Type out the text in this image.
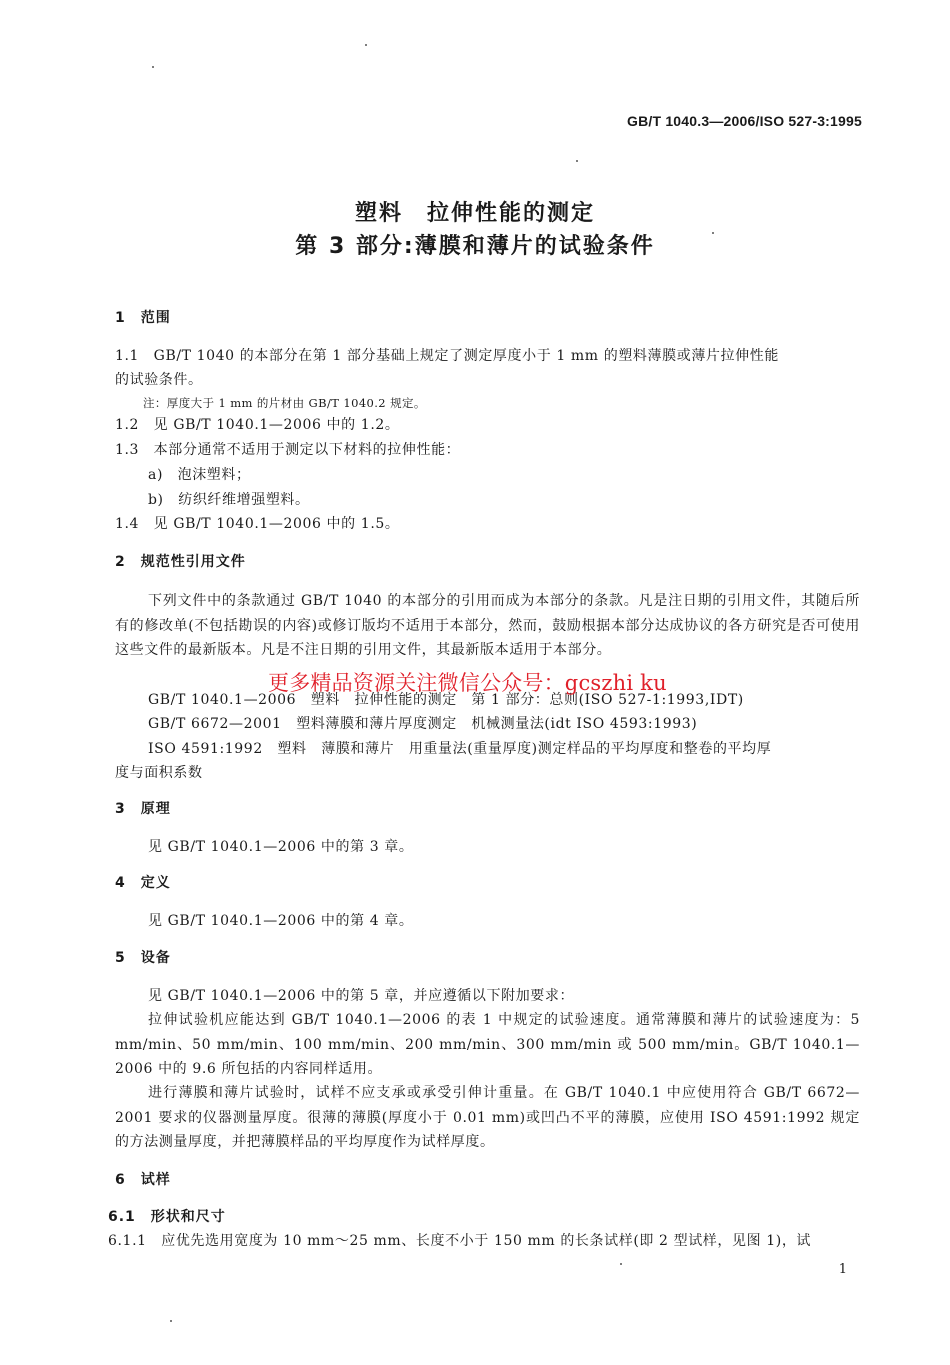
GB/T 1040.3—2006/ISO 527-3:1995
塑料　拉伸性能的测定
第 3 部分:薄膜和薄片的试验条件
1　范围
1.1　GB/T 1040 的本部分在第 1 部分基础上规定了测定厚度小于 1 mm 的塑料薄膜或薄片拉伸性能
的试验条件。
注：厚度大于 1 mm 的片材由 GB/T 1040.2 规定。
1.2　见 GB/T 1040.1—2006 中的 1.2。
1.3　本部分通常不适用于测定以下材料的拉伸性能：
a)　泡沫塑料；
b)　纺织纤维增强塑料。
1.4　见 GB/T 1040.1—2006 中的 1.5。
2　规范性引用文件
下列文件中的条款通过 GB/T 1040 的本部分的引用而成为本部分的条款。凡是注日期的引用文件，其随后所有的修改单(不包括勘误的内容)或修订版均不适用于本部分，然而，鼓励根据本部分达成协议的各方研究是否可使用这些文件的最新版本。凡是不注日期的引用文件，其最新版本适用于本部分。
GB/T 1040.1—2006　塑料　拉伸性能的测定　第 1 部分：总则(ISO 527-1:1993,IDT)
GB/T 6672—2001　塑料薄膜和薄片厚度测定　机械测量法(idt ISO 4593:1993)
ISO 4591:1992　塑料　薄膜和薄片　用重量法(重量厚度)测定样品的平均厚度和整卷的平均厚
度与面积系数
更多精品资源关注微信公众号：gcszhi ku
3　原理
见 GB/T 1040.1—2006 中的第 3 章。
4　定义
见 GB/T 1040.1—2006 中的第 4 章。
5　设备
见 GB/T 1040.1—2006 中的第 5 章，并应遵循以下附加要求：
拉伸试验机应能达到 GB/T 1040.1—2006 的表 1 中规定的试验速度。通常薄膜和薄片的试验速度为：5 mm/min、50 mm/min、100 mm/min、200 mm/min、300 mm/min 或 500 mm/min。GB/T 1040.1—2006 中的 9.6 所包括的内容同样适用。
进行薄膜和薄片试验时，试样不应支承或承受引伸计重量。在 GB/T 1040.1 中应使用符合 GB/T 6672—2001 要求的仪器测量厚度。很薄的薄膜(厚度小于 0.01 mm)或凹凸不平的薄膜，应使用 ISO 4591:1992 规定的方法测量厚度，并把薄膜样品的平均厚度作为试样厚度。
6　试样
6.1　形状和尺寸
6.1.1　应优先选用宽度为 10 mm～25 mm、长度不小于 150 mm 的长条试样(即 2 型试样，见图 1)，试
1
